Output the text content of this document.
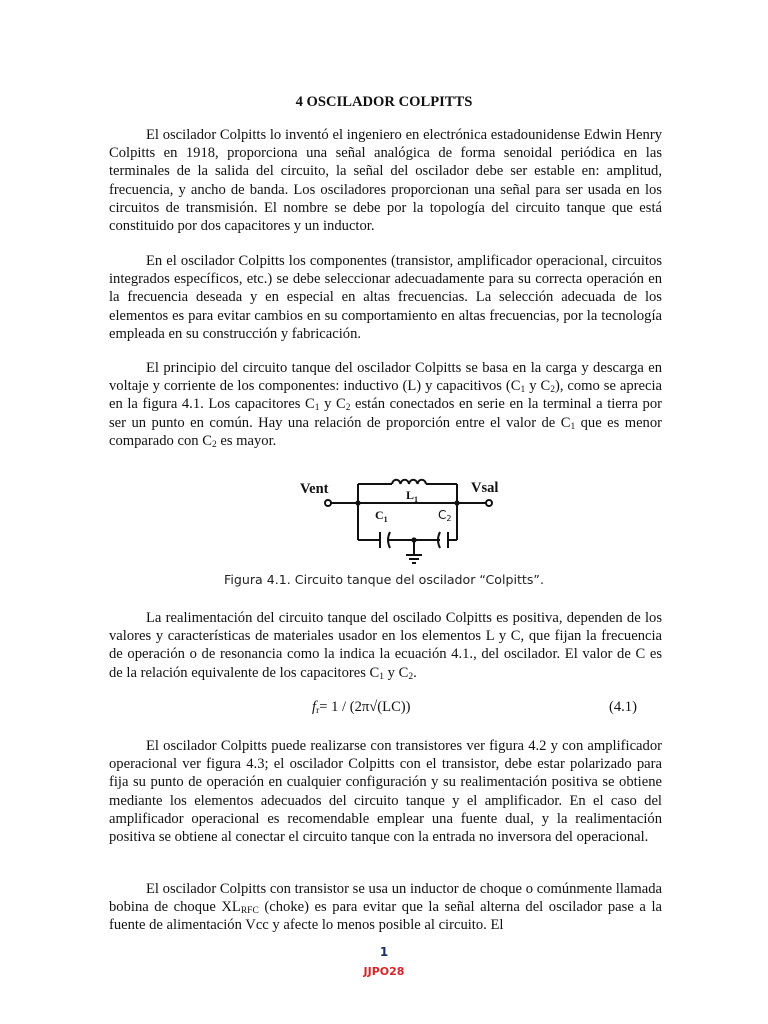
4 OSCILADOR COLPITTS

El oscilador Colpitts lo inventó el ingeniero en electrónica estadounidense Edwin Henry Colpitts en 1918, proporciona una señal analógica de forma senoidal periódica en las terminales de la salida del circuito, la señal del oscilador debe ser estable en: amplitud, frecuencia, y ancho de banda. Los osciladores proporcionan una señal para ser usada en los circuitos de transmisión. El nombre se debe por la topología del circuito tanque que está constituido por dos capacitores y un inductor.

En el oscilador Colpitts los componentes (transistor, amplificador operacional, circuitos integrados específicos, etc.) se debe seleccionar adecuadamente para su correcta operación en la frecuencia deseada y en especial en altas frecuencias. La selección adecuada de los elementos es para evitar cambios en su comportamiento en altas frecuencias, por la tecnología empleada en su construcción y fabricación.

El principio del circuito tanque del oscilador Colpitts se basa en la carga y descarga en voltaje y corriente de los componentes: inductivo (L) y capacitivos ($C_1$ y $C_2$), como se aprecia en la figura 4.1. Los capacitores $C_1$ y $C_2$ están conectados en serie en la terminal a tierra por ser un punto en común. Hay una relación de proporción entre el valor de $C_1$ que es menor comparado con $C_2$ es mayor.

Vent	Vsal
$L_1$
$C_1$	C2
Figura 4.1. Circuito tanque del oscilador “Colpitts”.

La realimentación del circuito tanque del oscilado Colpitts es positiva, dependen de los valores y características de materiales usador en los elementos L y C, que fijan la frecuencia de operación o de resonancia como la indica la ecuación 4.1., del oscilador. El valor de C es de la relación equivalente de los capacitores $C_1$ y $C_2$.

$f_r= 1 / (2\pi√(LC))$	(4.1)

El oscilador Colpitts puede realizarse con transistores ver figura 4.2 y con amplificador operacional ver figura 4.3; el oscilador Colpitts con el transistor, debe estar polarizado para fija su punto de operación en cualquier configuración y su realimentación positiva se obtiene mediante los elementos adecuados del circuito tanque y el amplificador. En el caso del amplificador operacional es recomendable emplear una fuente dual, y la realimentación positiva se obtiene al conectar el circuito tanque con la entrada no inversora del operacional.

El oscilador Colpitts con transistor se usa un inductor de choque o comúnmente llamada bobina de choque $XL_{RFC}$ (choke) es para evitar que la señal alterna del oscilador pase a la fuente de alimentación Vcc y afecte lo menos posible al circuito. El

1
JJPO28
